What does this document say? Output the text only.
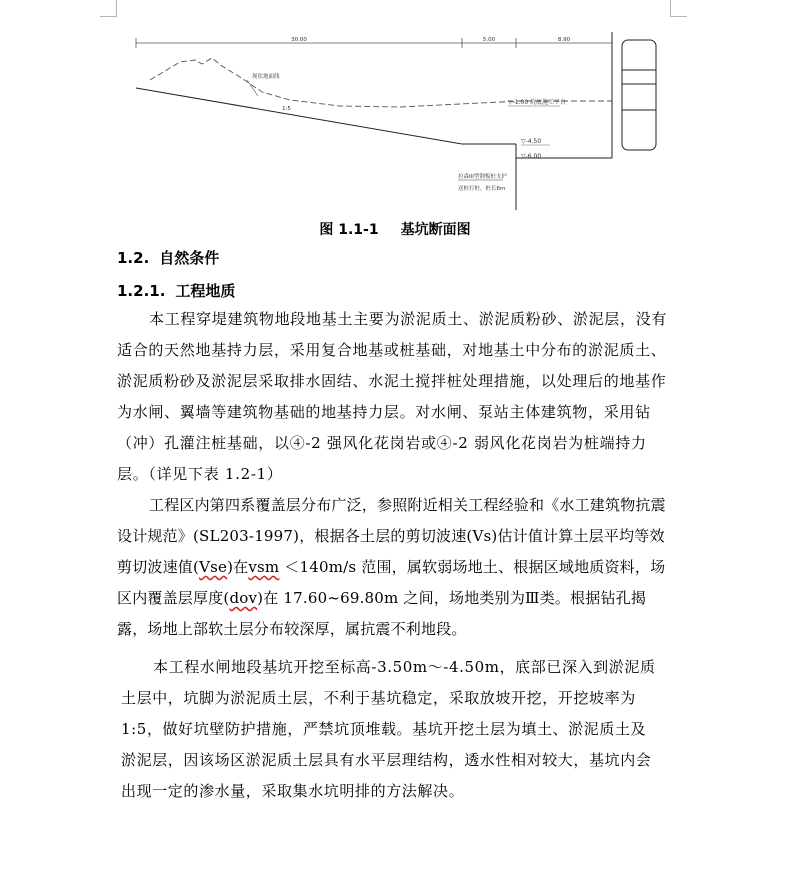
30.00	5.00	8.90
现状地面线
1:5
▽-1.00 坑底施工平台
▽-4.50
▽-6.00
拉森III型钢板桩支护
送桩打桩，桩长6m
图 1.1-1 基坑断面图
1.2. 自然条件
1.2.1. 工程地质

本工程穿堤建筑物地段地基土主要为淤泥质土、淤泥质粉砂、淤泥层，没有适合的天然地基持力层，采用复合地基或桩基础，对地基土中分布的淤泥质土、淤泥质粉砂及淤泥层采取排水固结、水泥土搅拌桩处理措施，以处理后的地基作为水闸、翼墙等建筑物基础的地基持力层。对水闸、泵站主体建筑物，采用钻（冲）孔灌注桩基础，以④-2 强风化花岗岩或④-2 弱风化花岗岩为桩端持力层。（详见下表 1.2-1）

工程区内第四系覆盖层分布广泛，参照附近相关工程经验和《水工建筑物抗震设计规范》(SL203-1997)，根据各土层的剪切波速(Vs)估计值计算土层平均等效剪切波速值(Vse)在vsm ＜140m/s 范围，属软弱场地土、根据区域地质资料，场区内覆盖层厚度(dov)在 17.60~69.80m 之间，场地类别为Ⅲ类。根据钻孔揭露，场地上部软土层分布较深厚，属抗震不利地段。

本工程水闸地段基坑开挖至标高-3.50m～-4.50m，底部已深入到淤泥质土层中，坑脚为淤泥质土层，不利于基坑稳定，采取放坡开挖，开挖坡率为 1:5，做好坑壁防护措施，严禁坑顶堆载。基坑开挖土层为填土、淤泥质土及淤泥层，因该场区淤泥质土层具有水平层理结构，透水性相对较大，基坑内会出现一定的渗水量，采取集水坑明排的方法解决。
